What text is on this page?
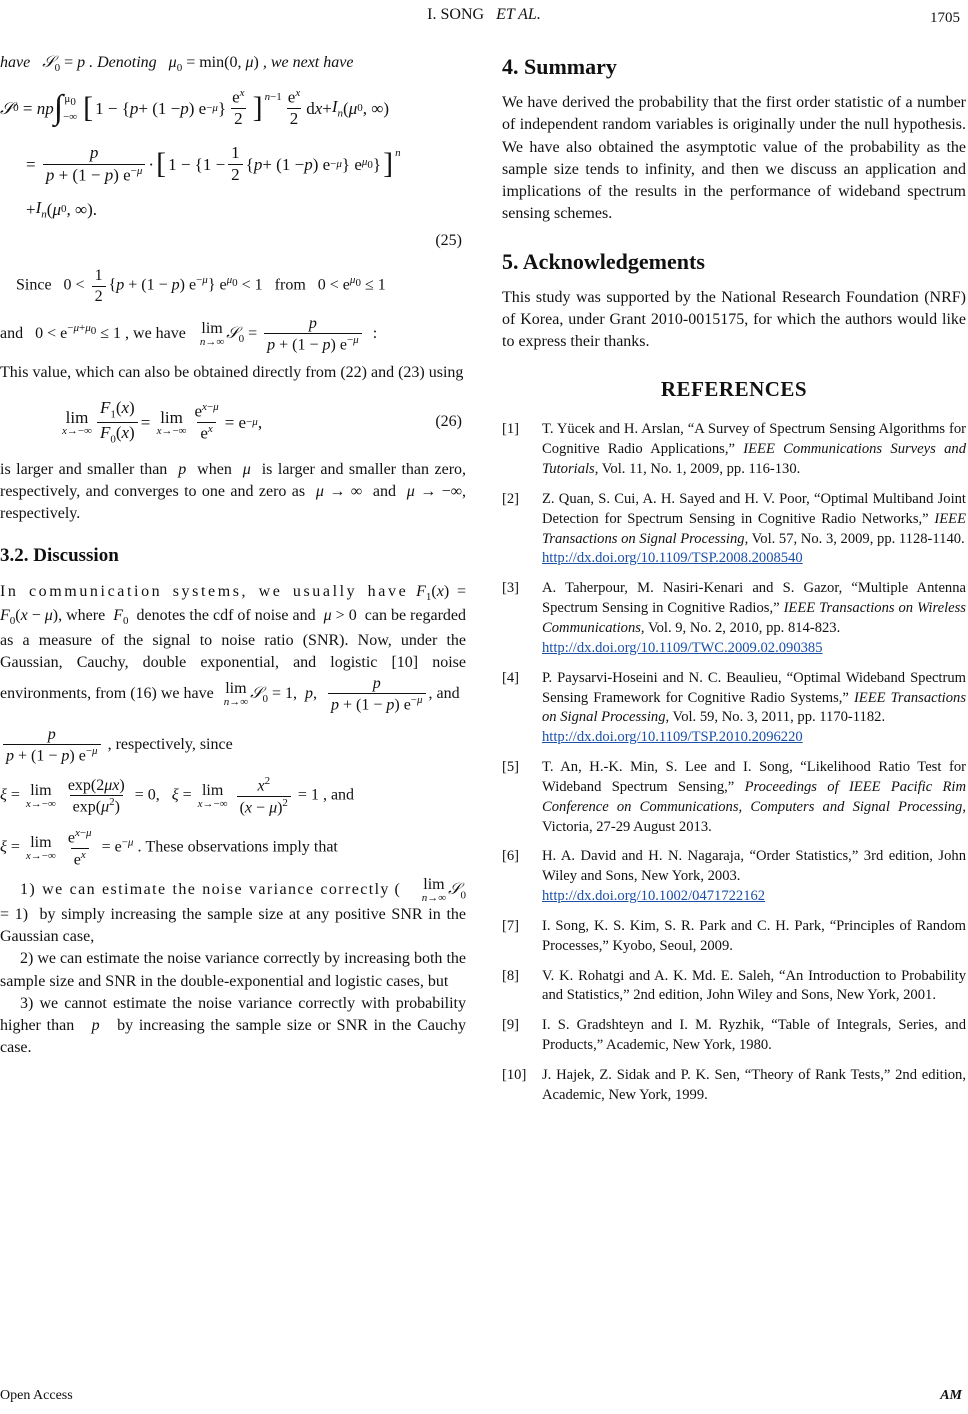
I. SONG ET AL.	1705

have 𝒮$_0$ = p . Denoting $\mu_0 = \min(0$, μ) , we next have

𝒮 0 = np ∫ $\mu_0$
−∞ [ 1 − { p + (1 − p ) e −μ } $\frac{e^x}{2}$ ] $^{n-1} \frac{e^x}{2}$ d $x + I_n$ ( μ 0 , ∞)
= $\frac{p}{p + (1 - p) e^{-\mu}}$ · [ $1 - \{1 - \frac{1}{2}$ { p + (1 − p ) e −μ } e $\mu_0$ } ] $^n$
+ $I_n$ ( μ 0 , ∞).
(25)

Since   $0 < \frac{1}{2} \{p + (1 - p)$ $e^{-\mu}$} $e^{\mu_0} < 1$   from   $0 < e^{\mu_0} \le 1$

and   $0 < e^{-\mu+\mu_0} \le 1$ , we have lim
n→∞ 𝒮$_0$ = $\frac{p}{p + (1 - p) e^{-\mu}}$ :

This value, which can also be obtained directly from (22) and (23) using

lim
$x\to-\infty \frac{F_1(x)}{F_0(x)} = \lim$
$x\to-\infty \frac{e^{x-\mu}}{e^x} = e -\mu$ ,	(26)

is larger and smaller than  p  when  μ  is larger and smaller than zero, respectively, and converges to one and zero as μ → ∞  and μ → −∞, respectively.

3.2. Discussion

In communication systems, we usually have $F_1(x) = F_0(x - \mu)$, where $F_0$ denotes the cdf of noise and μ > 0  can be regarded as a measure of the signal to noise ratio (SNR). Now, under the Gaussian, Cauchy, double exponential, and logistic [10] noise environments, from (16) we have lim
n→∞ 𝒮$_0$ = 1,  p, $\frac{p}{p + (1 - p) e^{-\mu}}$ , and

$\frac{p}{p + (1 - p) e^{-\mu}}$ , respectively, since

ξ = lim
x→−∞
$\frac{\exp(2\mu x)}{\exp(\mu^2)} = 0$,   ξ = lim
x→−∞
$\frac{x^2}{(x - \mu)^2} = 1$ , and

ξ = lim
x→−∞
$\frac{e^{x-\mu}}{e^x} = e^{-\mu}$ . These observations imply that

1) we can estimate the noise variance correctly (	lim
n→∞ 𝒮$_0$ = 1)  by simply increasing the sample size at any positive SNR in the Gaussian case,

2) we can estimate the noise variance correctly by increasing both the sample size and SNR in the double-exponential and logistic cases, but

3) we cannot estimate the noise variance correctly with probability higher than   p   by increasing the sample size or SNR in the Cauchy case.

4. Summary

We have derived the probability that the first order statistic of a number of independent random variables is originally under the null hypothesis. We have also obtained the asymptotic value of the probability as the sample size tends to infinity, and then we discuss an application and implications of the results in the performance of wideband spectrum sensing schemes.

5. Acknowledgements

This study was supported by the National Research Foundation (NRF) of Korea, under Grant 2010-0015175, for which the authors would like to express their thanks.

REFERENCES
[1]	T. Yücek and H. Arslan, “A Survey of Spectrum Sensing Algorithms for Cognitive Radio Applications,” IEEE Communications Surveys and Tutorials, Vol. 11, No. 1, 2009, pp. 116-130.
[2]	Z. Quan, S. Cui, A. H. Sayed and H. V. Poor, “Optimal Multiband Joint Detection for Spectrum Sensing in Cognitive Radio Networks,” IEEE Transactions on Signal Processing, Vol. 57, No. 3, 2009, pp. 1128-1140.
http://dx.doi.org/10.1109/TSP.2008.2008540
[3]	A. Taherpour, M. Nasiri-Kenari and S. Gazor, “Multiple Antenna Spectrum Sensing in Cognitive Radios,” IEEE Transactions on Wireless Communications, Vol. 9, No. 2, 2010, pp. 814-823.
http://dx.doi.org/10.1109/TWC.2009.02.090385
[4]	P. Paysarvi-Hoseini and N. C. Beaulieu, “Optimal Wideband Spectrum Sensing Framework for Cognitive Radio Systems,” IEEE Transactions on Signal Processing, Vol. 59, No. 3, 2011, pp. 1170-1182.
http://dx.doi.org/10.1109/TSP.2010.2096220
[5]	T. An, H.-K. Min, S. Lee and I. Song, “Likelihood Ratio Test for Wideband Spectrum Sensing,” Proceedings of IEEE Pacific Rim Conference on Communications, Computers and Signal Processing, Victoria, 27-29 August 2013.
[6]	H. A. David and H. N. Nagaraja, “Order Statistics,” 3rd edition, John Wiley and Sons, New York, 2003.
http://dx.doi.org/10.1002/0471722162
[7]	I. Song, K. S. Kim, S. R. Park and C. H. Park, “Principles of Random Processes,” Kyobo, Seoul, 2009.
[8]	V. K. Rohatgi and A. K. Md. E. Saleh, “An Introduction to Probability and Statistics,” 2nd edition, John Wiley and Sons, New York, 2001.
[9]	I. S. Gradshteyn and I. M. Ryzhik, “Table of Integrals, Series, and Products,” Academic, New York, 1980.
[10]	J. Hajek, Z. Sidak and P. K. Sen, “Theory of Rank Tests,” 2nd edition, Academic, New York, 1999.
Open Access	AM
